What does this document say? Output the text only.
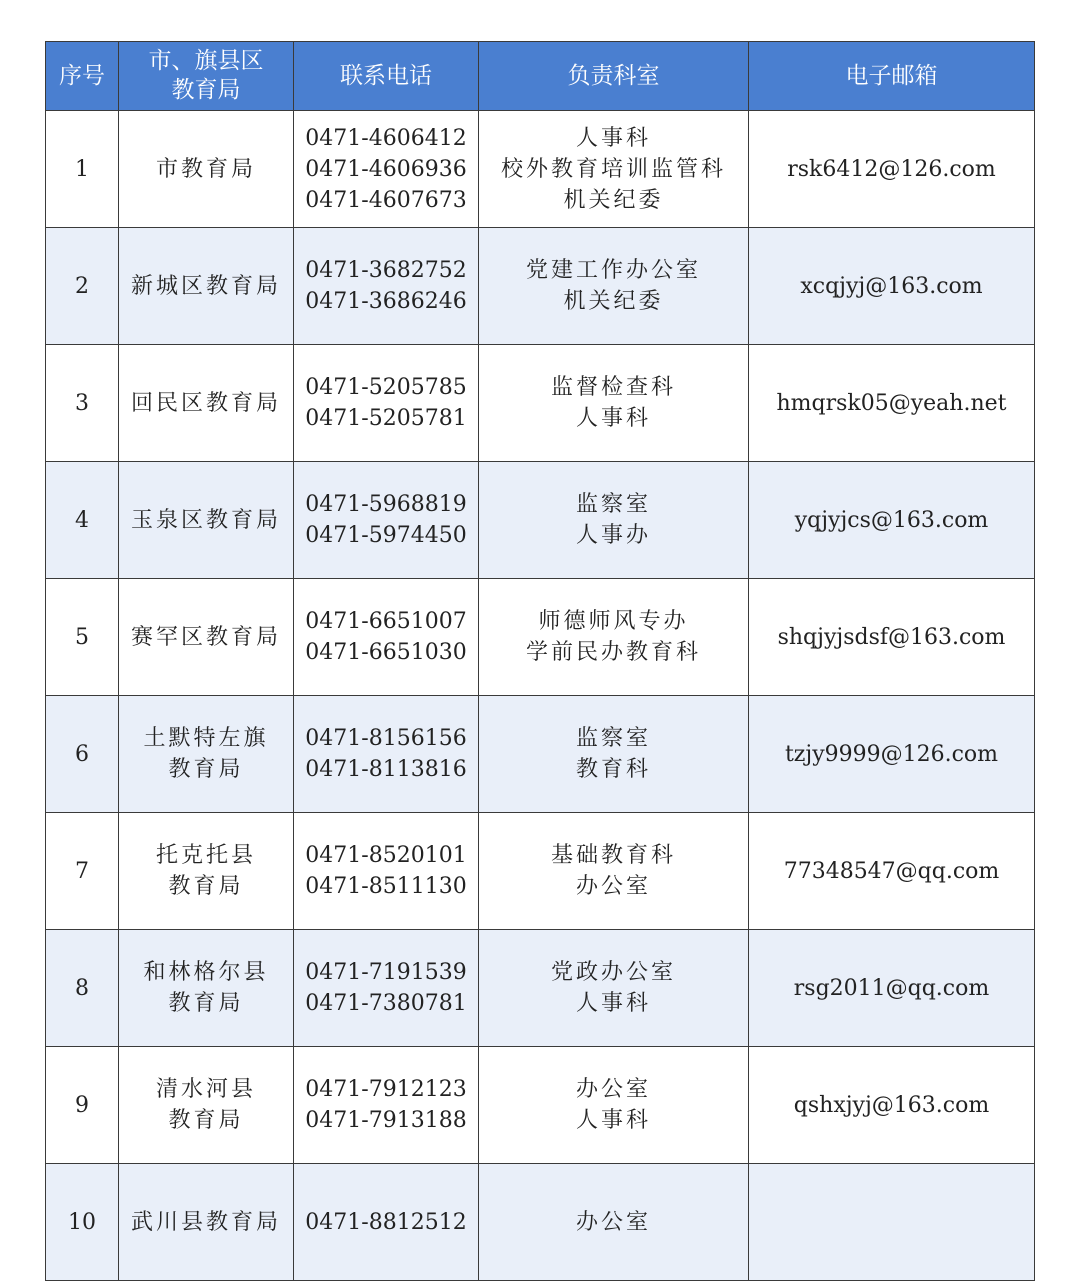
序号	市、旗县区
教育局	联系电话	负责科室	电子邮箱
1	市教育局	0471-4606412
0471-4606936
0471-4607673	人事科
校外教育培训监管科
机关纪委	rsk6412@126.com
2	新城区教育局	0471-3682752
0471-3686246	党建工作办公室
机关纪委	xcqjyj@163.com
3	回民区教育局	0471-5205785
0471-5205781	监督检查科
人事科	hmqrsk05@yeah.net
4	玉泉区教育局	0471-5968819
0471-5974450	监察室
人事办	yqjyjcs@163.com
5	赛罕区教育局	0471-6651007
0471-6651030	师德师风专办
学前民办教育科	shqjyjsdsf@163.com
6	土默特左旗
教育局	0471-8156156
0471-8113816	监察室
教育科	tzjy9999@126.com
7	托克托县
教育局	0471-8520101
0471-8511130	基础教育科
办公室	77348547@qq.com
8	和林格尔县
教育局	0471-7191539
0471-7380781	党政办公室
人事科	rsg2011@qq.com
9	清水河县
教育局	0471-7912123
0471-7913188	办公室
人事科	qshxjyj@163.com
10	武川县教育局	0471-8812512	办公室	
